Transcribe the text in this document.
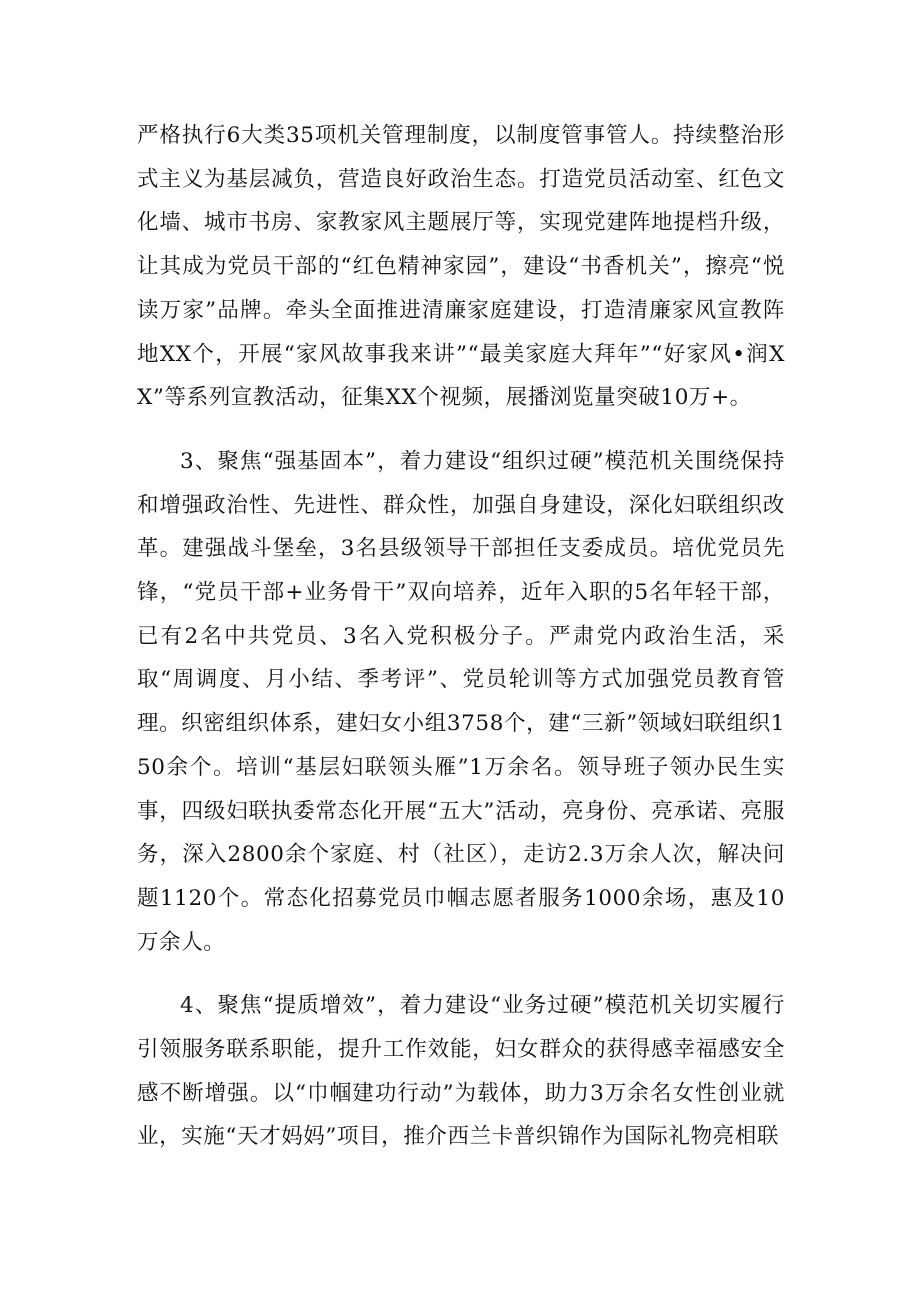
严格执行6大类35项机关管理制度，以制度管事管人。持续整治形式主义为基层减负，营造良好政治生态。打造党员活动室、红色文化墙、城市书房、家教家风主题展厅等，实现党建阵地提档升级，让其成为党员干部的“红色精神家园”，建设“书香机关”，擦亮“悦读万家”品牌。牵头全面推进清廉家庭建设，打造清廉家风宣教阵地XX个，开展“家风故事我来讲”“最美家庭大拜年”“好家风•润XX”等系列宣教活动，征集XX个视频，展播浏览量突破10万+。

3、聚焦“强基固本”，着力建设“组织过硬”模范机关围绕保持和增强政治性、先进性、群众性，加强自身建设，深化妇联组织改革。建强战斗堡垒，3名县级领导干部担任支委成员。培优党员先锋，“党员干部+业务骨干”双向培养，近年入职的5名年轻干部，已有2名中共党员、3名入党积极分子。严肃党内政治生活，采取“周调度、月小结、季考评”、党员轮训等方式加强党员教育管理。织密组织体系，建妇女小组3758个，建“三新”领域妇联组织150余个。培训“基层妇联领头雁”1万余名。领导班子领办民生实事，四级妇联执委常态化开展“五大”活动，亮身份、亮承诺、亮服务，深入2800余个家庭、村（社区），走访2.3万余人次，解决问题1120个。常态化招募党员巾帼志愿者服务1000余场，惠及10万余人。

4、聚焦“提质增效”，着力建设“业务过硬”模范机关切实履行引领服务联系职能，提升工作效能，妇女群众的获得感幸福感安全感不断增强。以“巾帼建功行动”为载体，助力3万余名女性创业就业，实施“天才妈妈”项目，推介西兰卡普织锦作为国际礼物亮相联
